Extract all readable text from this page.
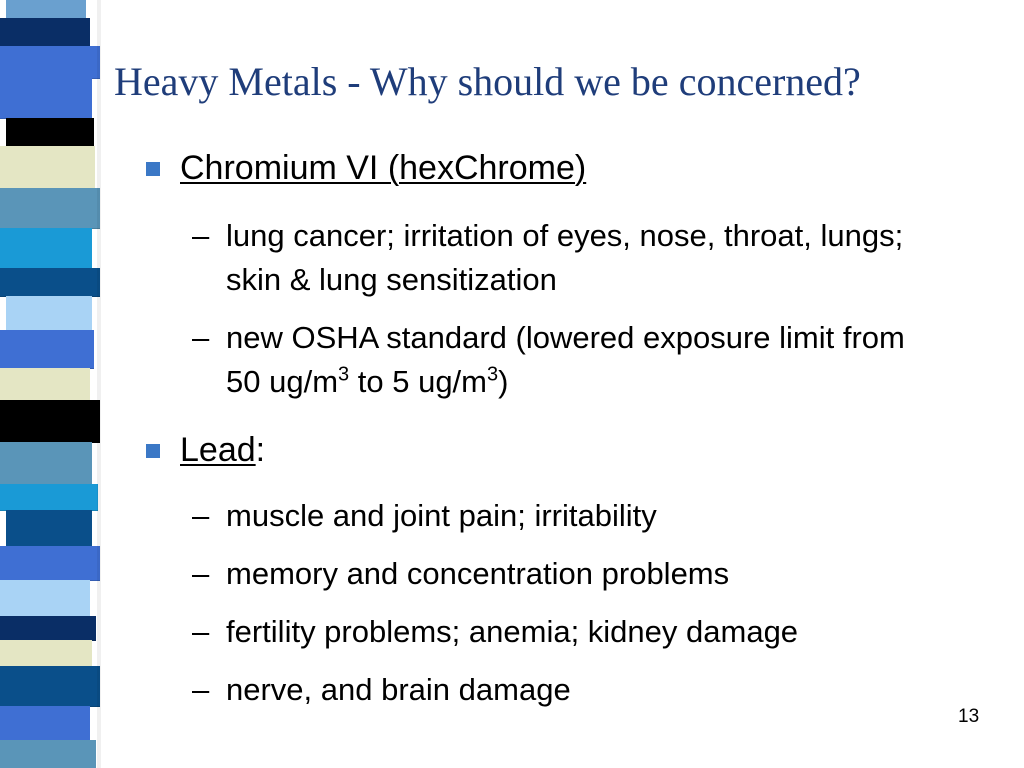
Heavy Metals - Why should we be concerned?
Chromium VI (hexChrome)
– lung cancer; irritation of eyes, nose, throat, lungs; skin & lung sensitization
– new OSHA standard (lowered exposure limit from 50 $ug/m^3$ to 5 $ug/m^3$)
Lead:
– muscle and joint pain; irritability
– memory and concentration problems
– fertility problems; anemia; kidney damage
– nerve, and brain damage
13
